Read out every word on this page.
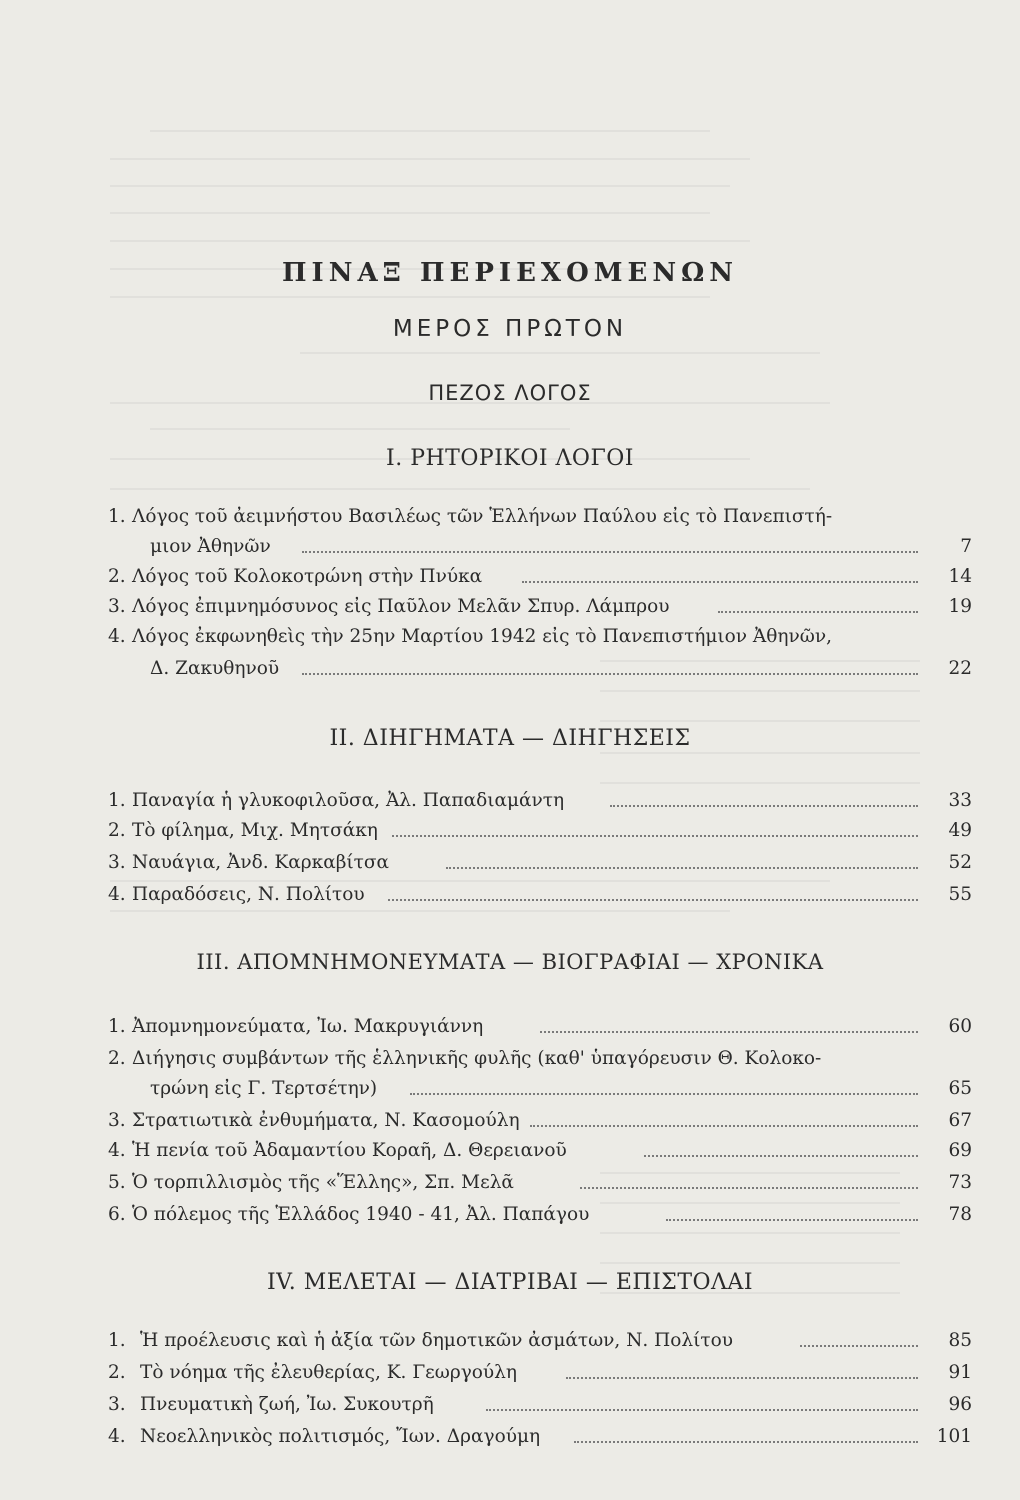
ΠΙΝΑΞ ΠΕΡΙΕΧΟΜΕΝΩΝ
ΜΕΡΟΣ ΠΡΩΤΟΝ
ΠΕΖΟΣ ΛΟΓΟΣ
I. ΡΗΤΟΡΙΚΟΙ ΛΟΓΟΙ
1. Λόγος τοῦ ἀειμνήστου Βασιλέως τῶν Ἑλλήνων Παύλου εἰς τὸ Πανεπιστή-
μιον Ἀθηνῶν	7
2. Λόγος τοῦ Κολοκοτρώνη στὴν Πνύκα	14
3. Λόγος ἐπιμνημόσυνος εἰς Παῦλον Μελᾶν Σπυρ. Λάμπρου	19
4. Λόγος ἐκφωνηθεὶς τὴν 25ην Μαρτίου 1942 εἰς τὸ Πανεπιστήμιον Ἀθηνῶν,
Δ. Ζακυθηνοῦ	22
II. ΔΙΗΓΗΜΑΤΑ — ΔΙΗΓΗΣΕΙΣ
1. Παναγία ἡ γλυκοφιλοῦσα, Ἀλ. Παπαδιαμάντη	33
2. Τὸ φίλημα, Μιχ. Μητσάκη	49
3. Ναυάγια, Ἀνδ. Καρκαβίτσα	52
4. Παραδόσεις, Ν. Πολίτου	55
III. ΑΠΟΜΝΗΜΟΝΕΥΜΑΤΑ — ΒΙΟΓΡΑΦΙΑΙ — ΧΡΟΝΙΚΑ
1. Ἀπομνημονεύματα, Ἰω. Μακρυγιάννη	60
2. Διήγησις συμβάντων τῆς ἑλληνικῆς φυλῆς (καθ' ὑπαγόρευσιν Θ. Κολοκο-
τρώνη εἰς Γ. Τερτσέτην)	65
3. Στρατιωτικὰ ἐνθυμήματα, Ν. Κασομούλη	67
4. Ἡ πενία τοῦ Ἀδαμαντίου Κοραῆ, Δ. Θερειανοῦ	69
5. Ὁ τορπιλλισμὸς τῆς «Ἕλλης», Σπ. Μελᾶ	73
6. Ὁ πόλεμος τῆς Ἑλλάδος 1940 - 41, Ἀλ. Παπάγου	78
IV. ΜΕΛΕΤΑΙ — ΔΙΑΤΡΙΒΑΙ — ΕΠΙΣΤΟΛΑΙ
1. Ἡ προέλευσις καὶ ἡ ἀξία τῶν δημοτικῶν ἀσμάτων, Ν. Πολίτου	85
2. Τὸ νόημα τῆς ἐλευθερίας, Κ. Γεωργούλη	91
3. Πνευματικὴ ζωή, Ἰω. Συκουτρῆ	96
4. Νεοελληνικὸς πολιτισμός, Ἴων. Δραγούμη	101
